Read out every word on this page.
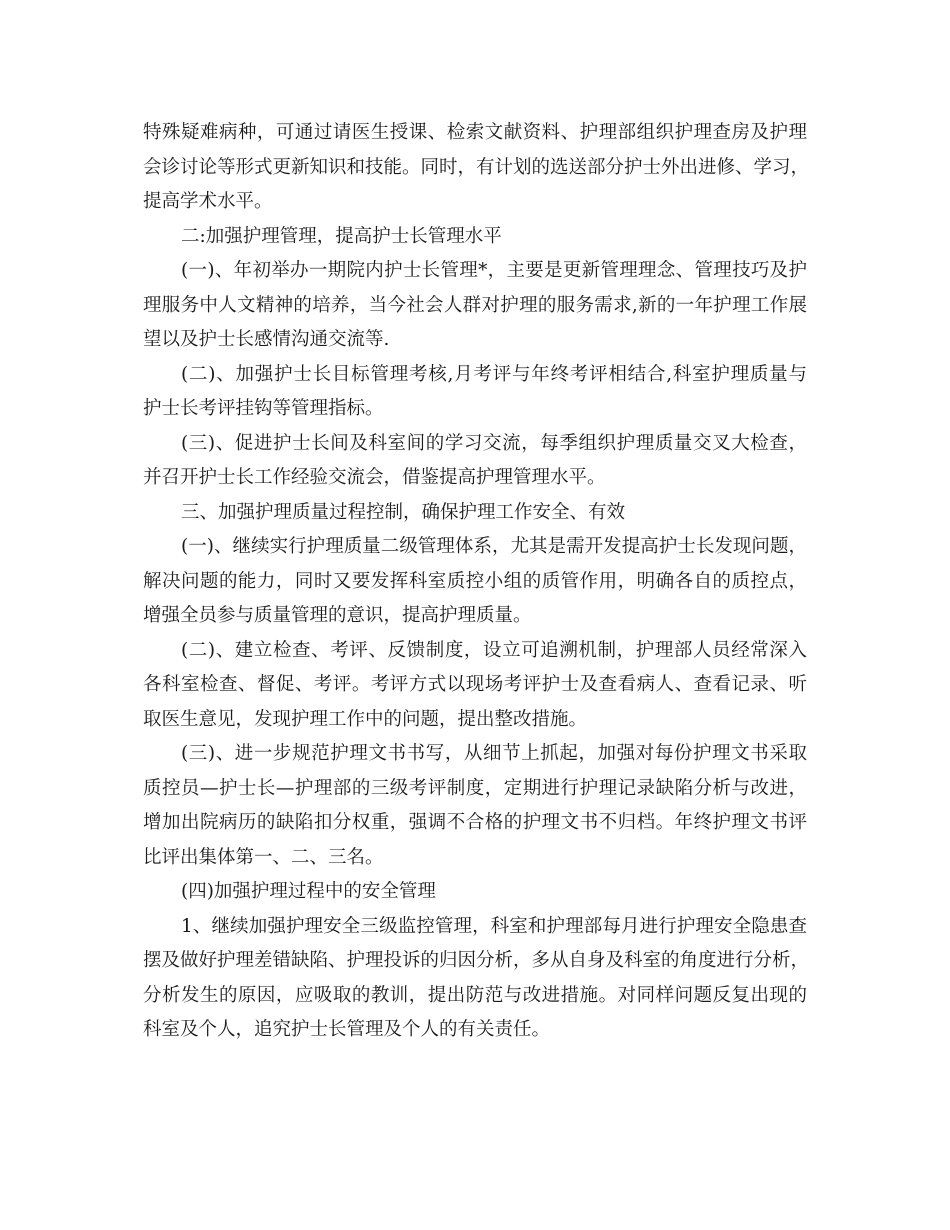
特殊疑难病种，可通过请医生授课、检索文献资料、护理部组织护理查房及护理
会诊讨论等形式更新知识和技能。同时，有计划的选送部分护士外出进修、学习，
提高学术水平。
二:加强护理管理，提高护士长管理水平
(一)、年初举办一期院内护士长管理*，主要是更新管理理念、管理技巧及护
理服务中人文精神的培养，当今社会人群对护理的服务需求,新的一年护理工作展
望以及护士长感情沟通交流等.
(二)、加强护士长目标管理考核,月考评与年终考评相结合,科室护理质量与
护士长考评挂钩等管理指标。
(三)、促进护士长间及科室间的学习交流，每季组织护理质量交叉大检查，
并召开护士长工作经验交流会，借鉴提高护理管理水平。
三、加强护理质量过程控制，确保护理工作安全、有效
(一)、继续实行护理质量二级管理体系，尤其是需开发提高护士长发现问题，
解决问题的能力，同时又要发挥科室质控小组的质管作用，明确各自的质控点，
增强全员参与质量管理的意识，提高护理质量。
(二)、建立检查、考评、反馈制度，设立可追溯机制，护理部人员经常深入
各科室检查、督促、考评。考评方式以现场考评护士及查看病人、查看记录、听
取医生意见，发现护理工作中的问题，提出整改措施。
(三)、进一步规范护理文书书写，从细节上抓起，加强对每份护理文书采取
质控员—护士长—护理部的三级考评制度，定期进行护理记录缺陷分析与改进，
增加出院病历的缺陷扣分权重，强调不合格的护理文书不归档。年终护理文书评
比评出集体第一、二、三名。
(四)加强护理过程中的安全管理
1、继续加强护理安全三级监控管理，科室和护理部每月进行护理安全隐患查
摆及做好护理差错缺陷、护理投诉的归因分析，多从自身及科室的角度进行分析，
分析发生的原因，应吸取的教训，提出防范与改进措施。对同样问题反复出现的
科室及个人，追究护士长管理及个人的有关责任。
